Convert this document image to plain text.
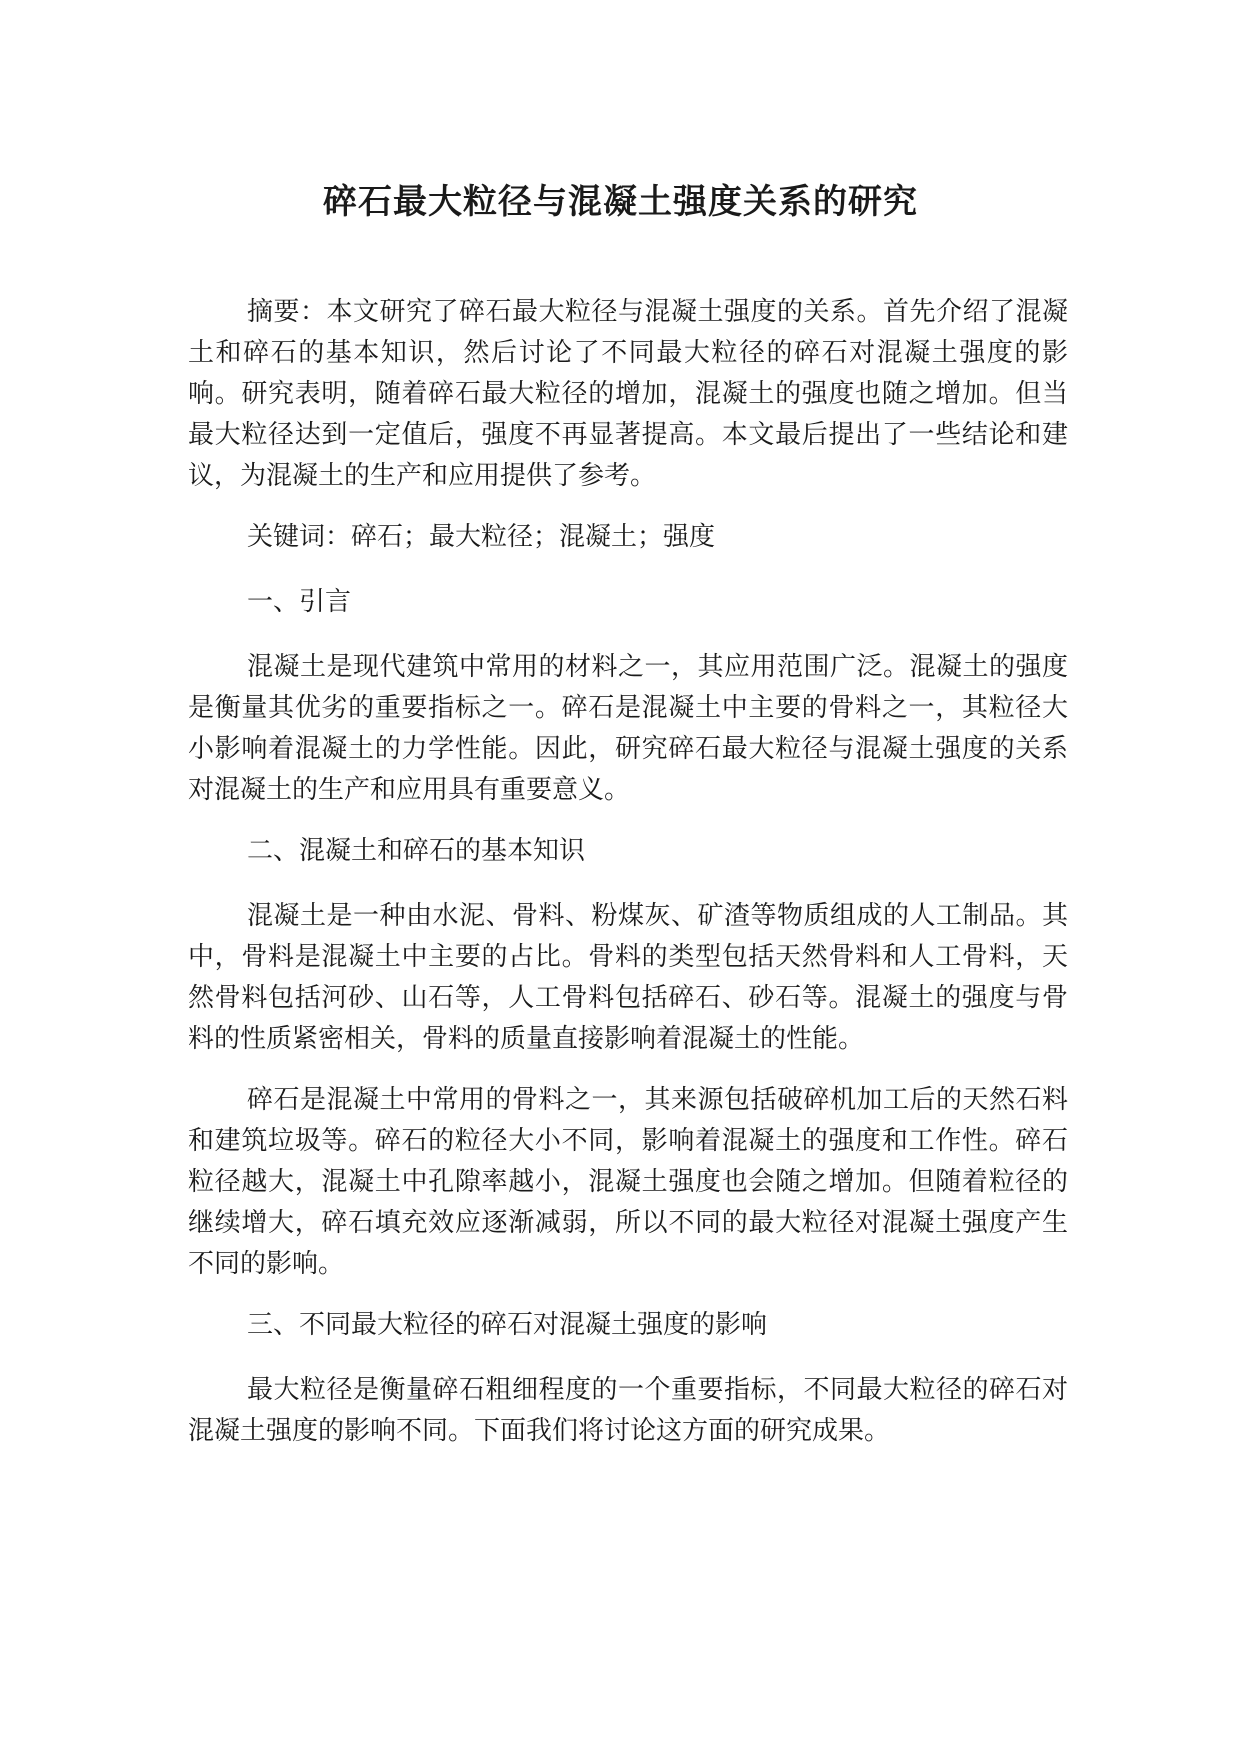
碎石最大粒径与混凝土强度关系的研究

摘要：本文研究了碎石最大粒径与混凝土强度的关系。首先介绍了混凝土和碎石的基本知识，然后讨论了不同最大粒径的碎石对混凝土强度的影响。研究表明，随着碎石最大粒径的增加，混凝土的强度也随之增加。但当最大粒径达到一定值后，强度不再显著提高。本文最后提出了一些结论和建议，为混凝土的生产和应用提供了参考。

关键词：碎石；最大粒径；混凝土；强度

一、引言

混凝土是现代建筑中常用的材料之一，其应用范围广泛。混凝土的强度是衡量其优劣的重要指标之一。碎石是混凝土中主要的骨料之一，其粒径大小影响着混凝土的力学性能。因此，研究碎石最大粒径与混凝土强度的关系对混凝土的生产和应用具有重要意义。

二、混凝土和碎石的基本知识

混凝土是一种由水泥、骨料、粉煤灰、矿渣等物质组成的人工制品。其中，骨料是混凝土中主要的占比。骨料的类型包括天然骨料和人工骨料，天然骨料包括河砂、山石等，人工骨料包括碎石、砂石等。混凝土的强度与骨料的性质紧密相关，骨料的质量直接影响着混凝土的性能。

碎石是混凝土中常用的骨料之一，其来源包括破碎机加工后的天然石料和建筑垃圾等。碎石的粒径大小不同，影响着混凝土的强度和工作性。碎石粒径越大，混凝土中孔隙率越小，混凝土强度也会随之增加。但随着粒径的继续增大，碎石填充效应逐渐减弱，所以不同的最大粒径对混凝土强度产生不同的影响。

三、不同最大粒径的碎石对混凝土强度的影响

最大粒径是衡量碎石粗细程度的一个重要指标，不同最大粒径的碎石对混凝土强度的影响不同。下面我们将讨论这方面的研究成果。
